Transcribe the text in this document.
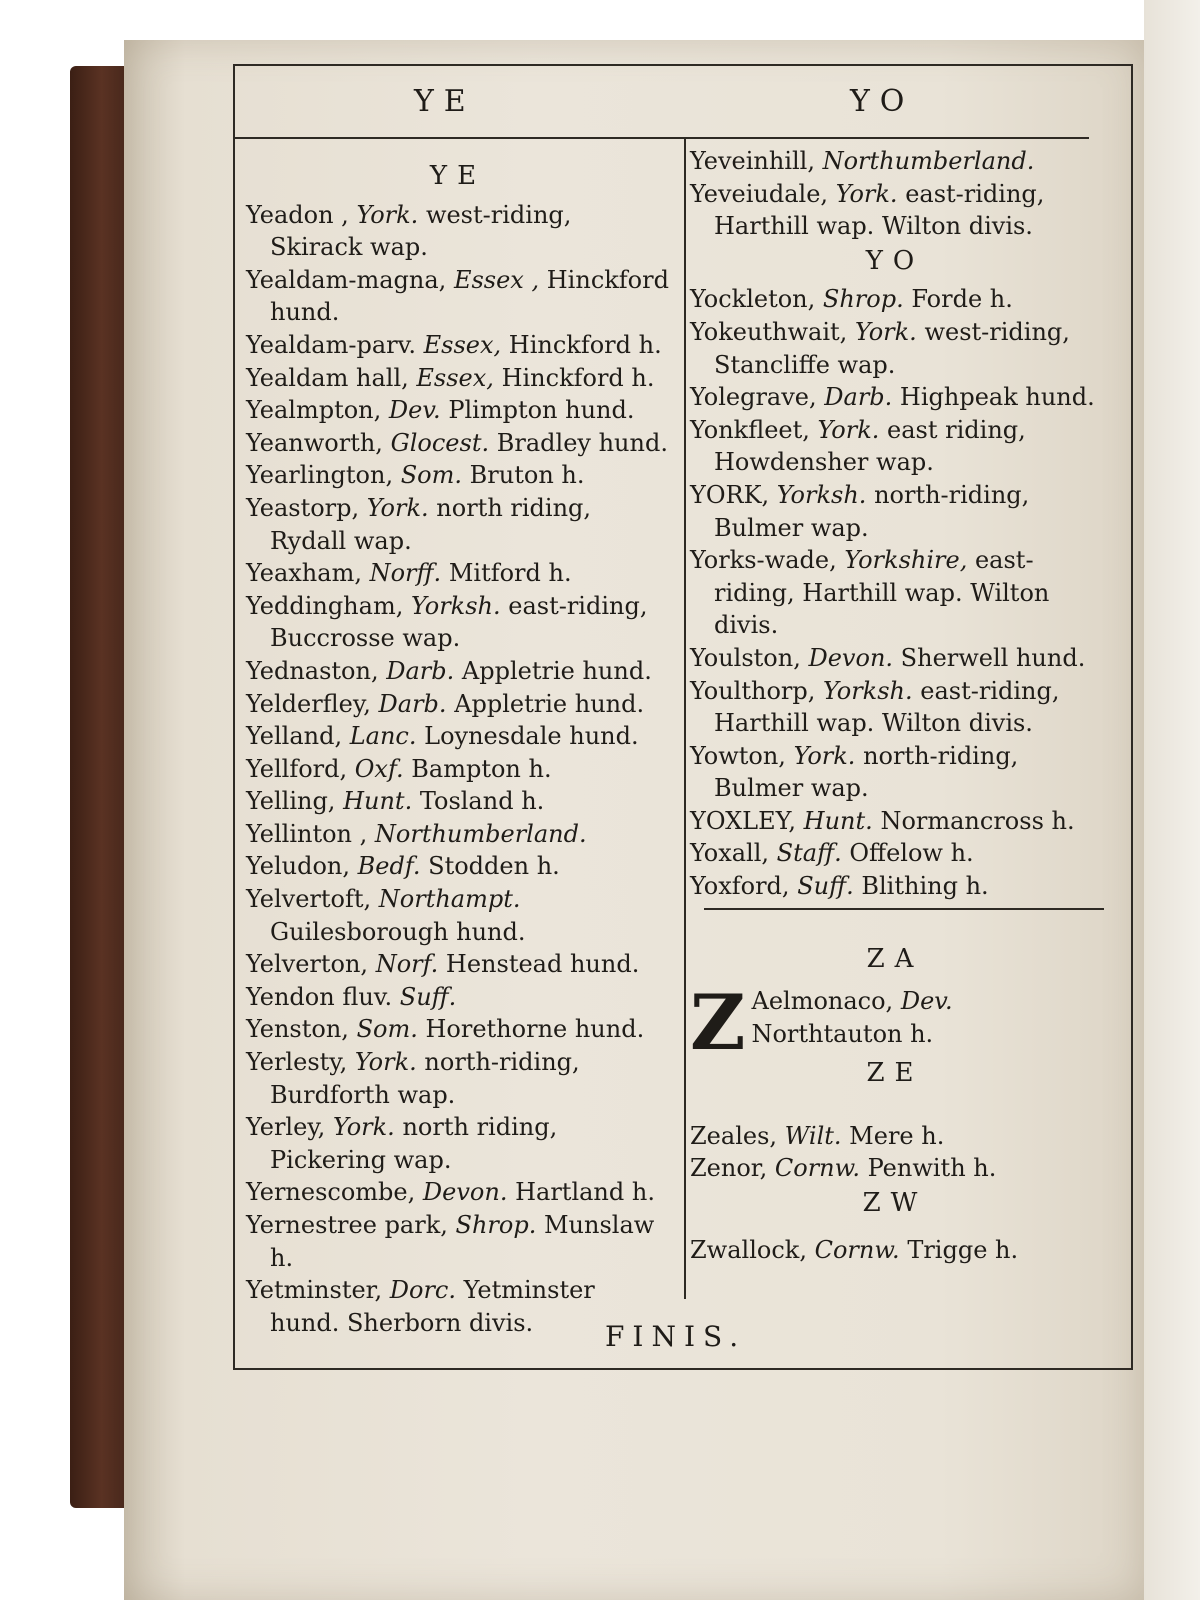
YE	YO
YE

Yeadon , York. west-riding, Skirack wap.

Yealdam-magna, Essex , Hinckford hund.

Yealdam-parv. Essex, Hinckford h.

Yealdam hall, Essex, Hinckford h.

Yealmpton, Dev. Plimpton hund.

Yeanworth, Glocest. Bradley hund.

Yearlington, Som. Bruton h.

Yeastorp, York. north riding, Rydall wap.

Yeaxham, Norff. Mitford h.

Yeddingham, Yorksh. east-riding, Buccrosse wap.

Yednaston, Darb. Appletrie hund.

Yelderfley, Darb. Appletrie hund.

Yelland, Lanc. Loynesdale hund.

Yellford, Oxf. Bampton h.

Yelling, Hunt. Tosland h.

Yellinton , Northumberland.

Yeludon, Bedf. Stodden h.

Yelvertoft, Northampt. Guilesborough hund.

Yelverton, Norf. Henstead hund.

Yendon fluv. Suff.

Yenston, Som. Horethorne hund.

Yerlesty, York. north-riding, Burdforth wap.

Yerley, York. north riding, Pickering wap.

Yernescombe, Devon. Hartland h.

Yernestree park, Shrop. Munslaw h.

Yetminster, Dorc. Yetminster hund. Sherborn divis.

Yeveinhill, Northumberland.

Yeveiudale, York. east-riding, Harthill wap. Wilton divis.

YO

Yockleton, Shrop. Forde h.

Yokeuthwait, York. west-riding, Stancliffe wap.

Yolegrave, Darb. Highpeak hund.

Yonkfleet, York. east riding, Howdensher wap.

YORK, Yorksh. north-riding, Bulmer wap.

Yorks-wade, Yorkshire, east-riding, Harthill wap. Wilton divis.

Youlston, Devon. Sherwell hund.

Youlthorp, Yorksh. east-riding, Harthill wap. Wilton divis.

Yowton, York. north-riding, Bulmer wap.

YOXLEY, Hunt. Normancross h.

Yoxall, Staff. Offelow h.

Yoxford, Suff. Blithing h.

ZA
Z Aelmonaco, Dev. Northtauton h.
ZE

Zeales, Wilt. Mere h.

Zenor, Cornw. Penwith h.

ZW

Zwallock, Cornw. Trigge h.

FINIS.
